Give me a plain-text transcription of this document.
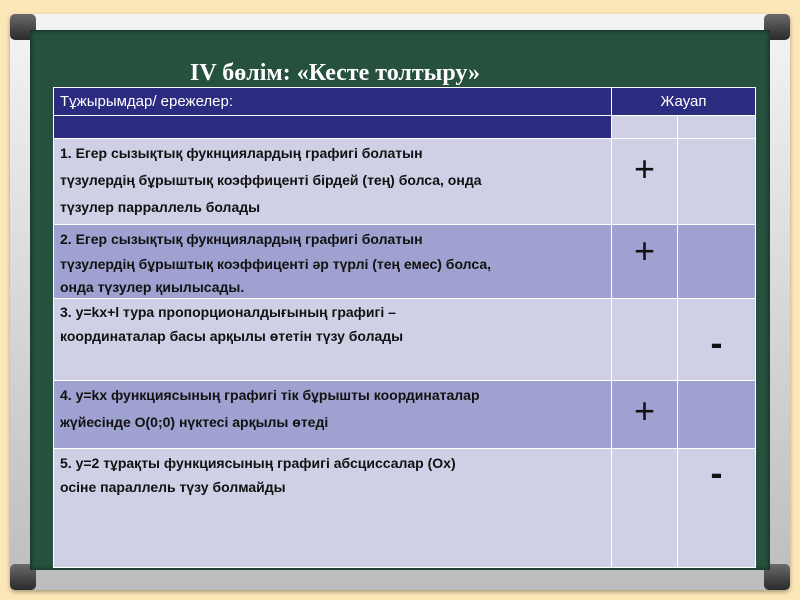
IV бөлім: «Кесте толтыру»
Тұжырымдар/ ережелер:	Жауап	

1. Егер сызықтық фукнциялардың графигі болатын
түзулердің бұрыштық коэффиценті бірдей (тең) болса, онда
түзулер парраллель болады	+	

2. Егер сызықтық фукнциялардың графигі болатын
түзулердің бұрыштық коэффиценті әр түрлі (тең емес) болса,
онда түзулер қиылысады.	+	

3. y=kx+l тура пропорционалдығының графигі –
координаталар басы арқылы өтетін түзу болады		-

4. y=kx функциясының графигі тік бұрышты координаталар
жүйесінде О(0;0) нүктесі арқылы өтеді	+	

5. y=2 тұрақты функциясының графигі абсциссалар (Ox)
осіне параллель түзу болмайды		-
